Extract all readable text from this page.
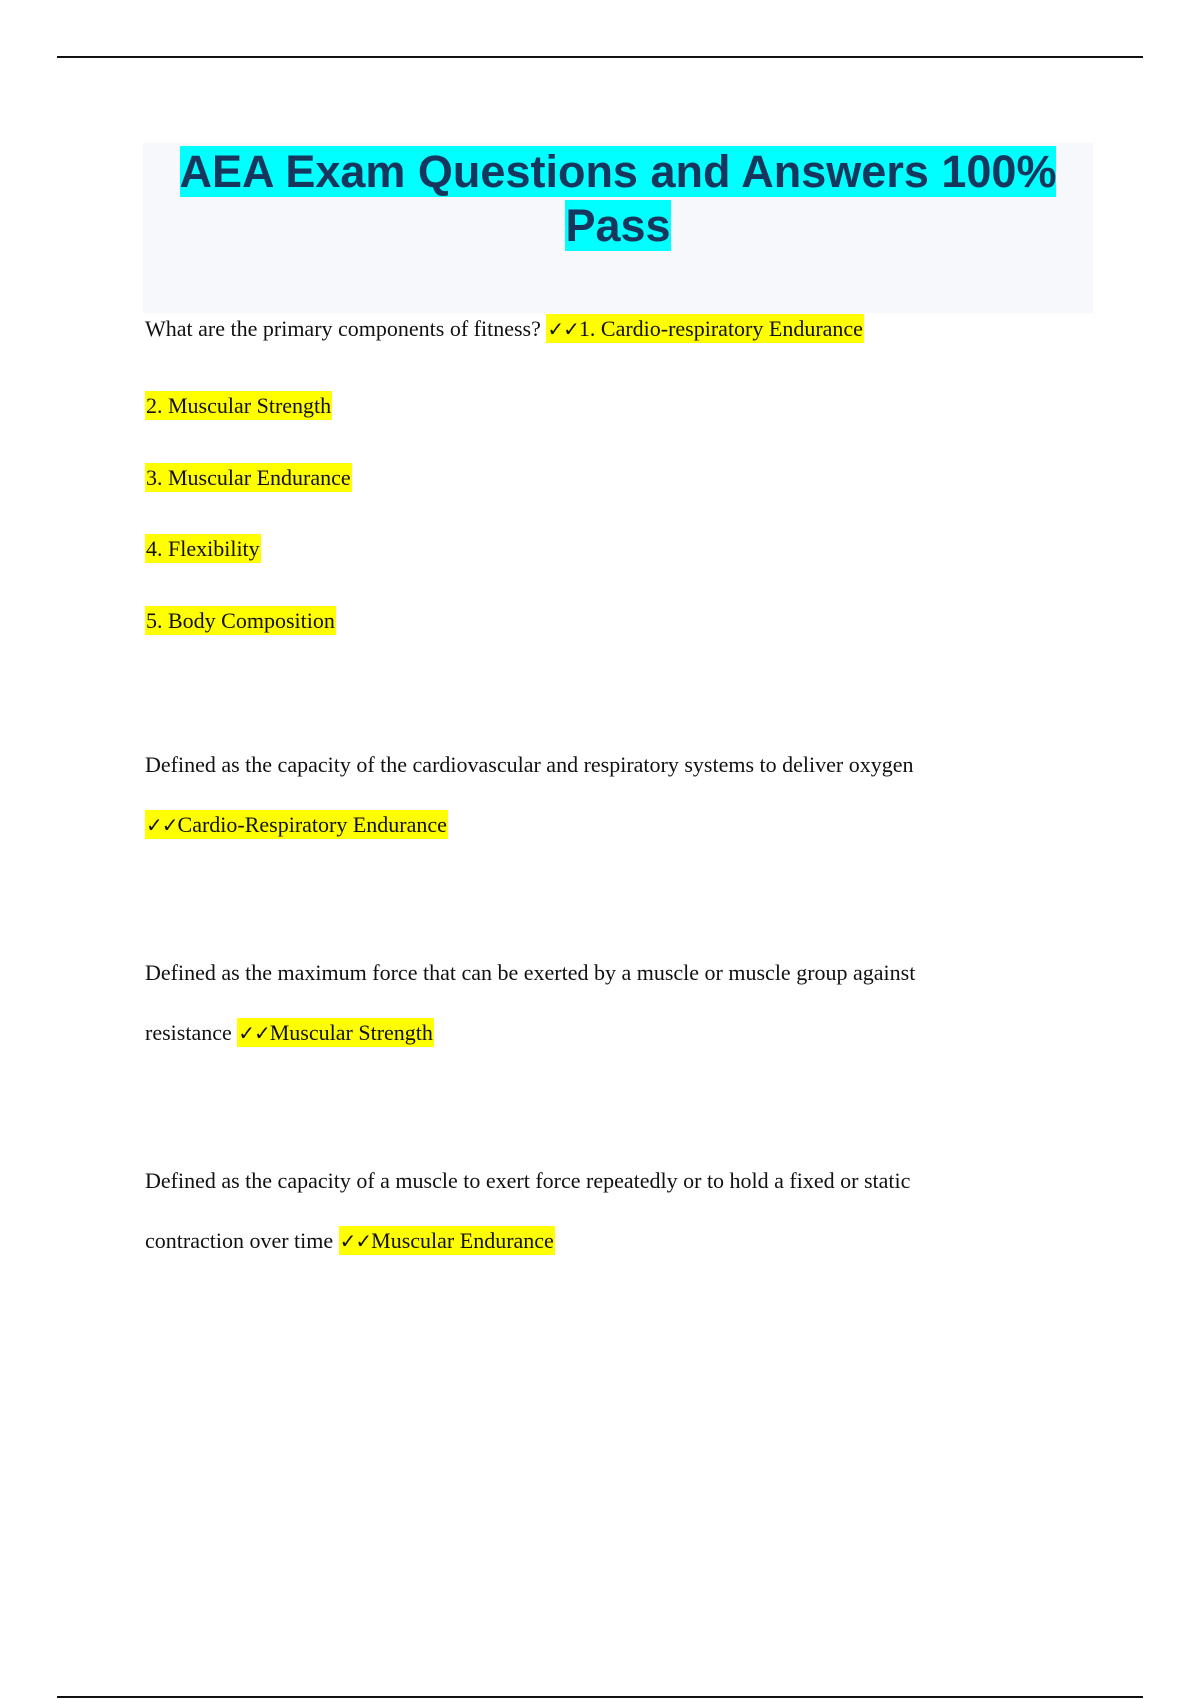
AEA Exam Questions and Answers 100% Pass
What are the primary components of fitness? ✓✓1. Cardio-respiratory Endurance
2. Muscular Strength
3. Muscular Endurance
4. Flexibility
5. Body Composition
Defined as the capacity of the cardiovascular and respiratory systems to deliver oxygen
✓✓Cardio-Respiratory Endurance
Defined as the maximum force that can be exerted by a muscle or muscle group against
resistance ✓✓Muscular Strength
Defined as the capacity of a muscle to exert force repeatedly or to hold a fixed or static
contraction over time ✓✓Muscular Endurance
